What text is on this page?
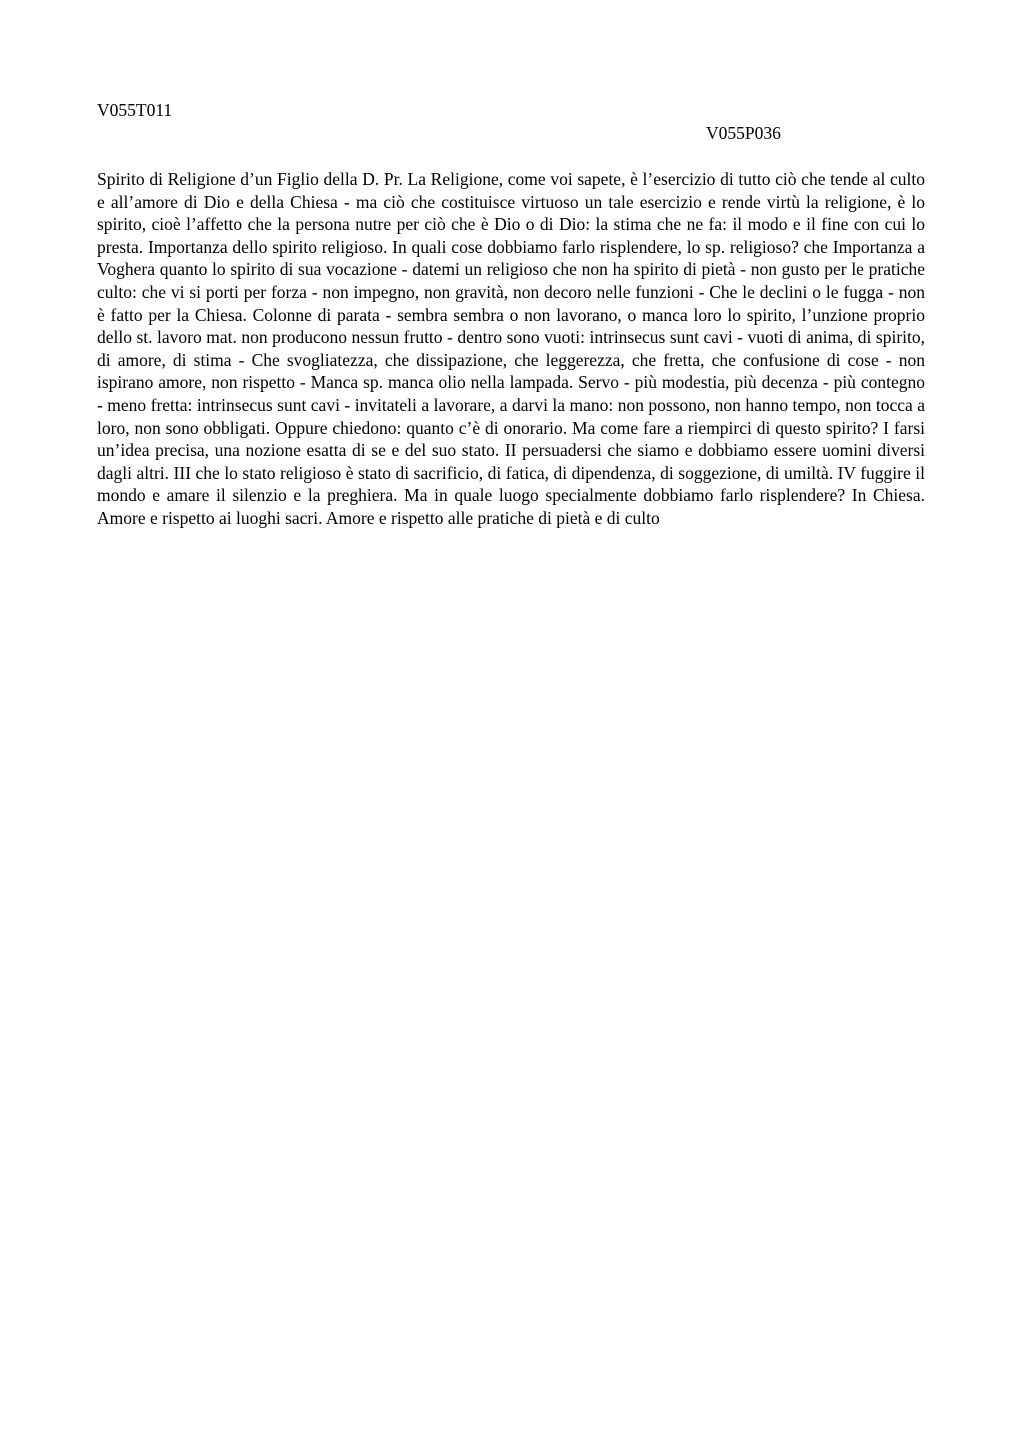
V055T011
V055P036

Spirito di Religione d’un Figlio della D. Pr. La Religione, come voi sapete, è l’esercizio di tutto ciò che tende al culto e all’amore di Dio e della Chiesa - ma ciò che costituisce virtuoso un tale esercizio e rende virtù la religione, è lo spirito, cioè l’affetto che la persona nutre per ciò che è Dio o di Dio: la stima che ne fa: il modo e il fine con cui lo presta. Importanza dello spirito religioso. In quali cose dobbiamo farlo risplendere, lo sp. religioso? che Importanza a Voghera quanto lo spirito di sua vocazione - datemi un religioso che non ha spirito di pietà - non gusto per le pratiche culto: che vi si porti per forza - non impegno, non gravità, non decoro nelle funzioni - Che le declini o le fugga - non è fatto per la Chiesa. Colonne di parata - sembra sembra o non lavorano, o manca loro lo spirito, l’unzione proprio dello st. lavoro mat. non producono nessun frutto - dentro sono vuoti: intrinsecus sunt cavi - vuoti di anima, di spirito, di amore, di stima - Che svogliatezza, che dissipazione, che leggerezza, che fretta, che confusione di cose - non ispirano amore, non rispetto - Manca sp. manca olio nella lampada. Servo - più modestia, più decenza - più contegno - meno fretta: intrinsecus sunt cavi - invitateli a lavorare, a darvi la mano: non possono, non hanno tempo, non tocca a loro, non sono obbligati. Oppure chiedono: quanto c’è di onorario. Ma come fare a riempirci di questo spirito? I farsi un’idea precisa, una nozione esatta di se e del suo stato. II persuadersi che siamo e dobbiamo essere uomini diversi dagli altri. III che lo stato religioso è stato di sacrificio, di fatica, di dipendenza, di soggezione, di umiltà. IV fuggire il mondo e amare il silenzio e la preghiera. Ma in quale luogo specialmente dobbiamo farlo risplendere? In Chiesa. Amore e rispetto ai luoghi sacri. Amore e rispetto alle pratiche di pietà e di culto
